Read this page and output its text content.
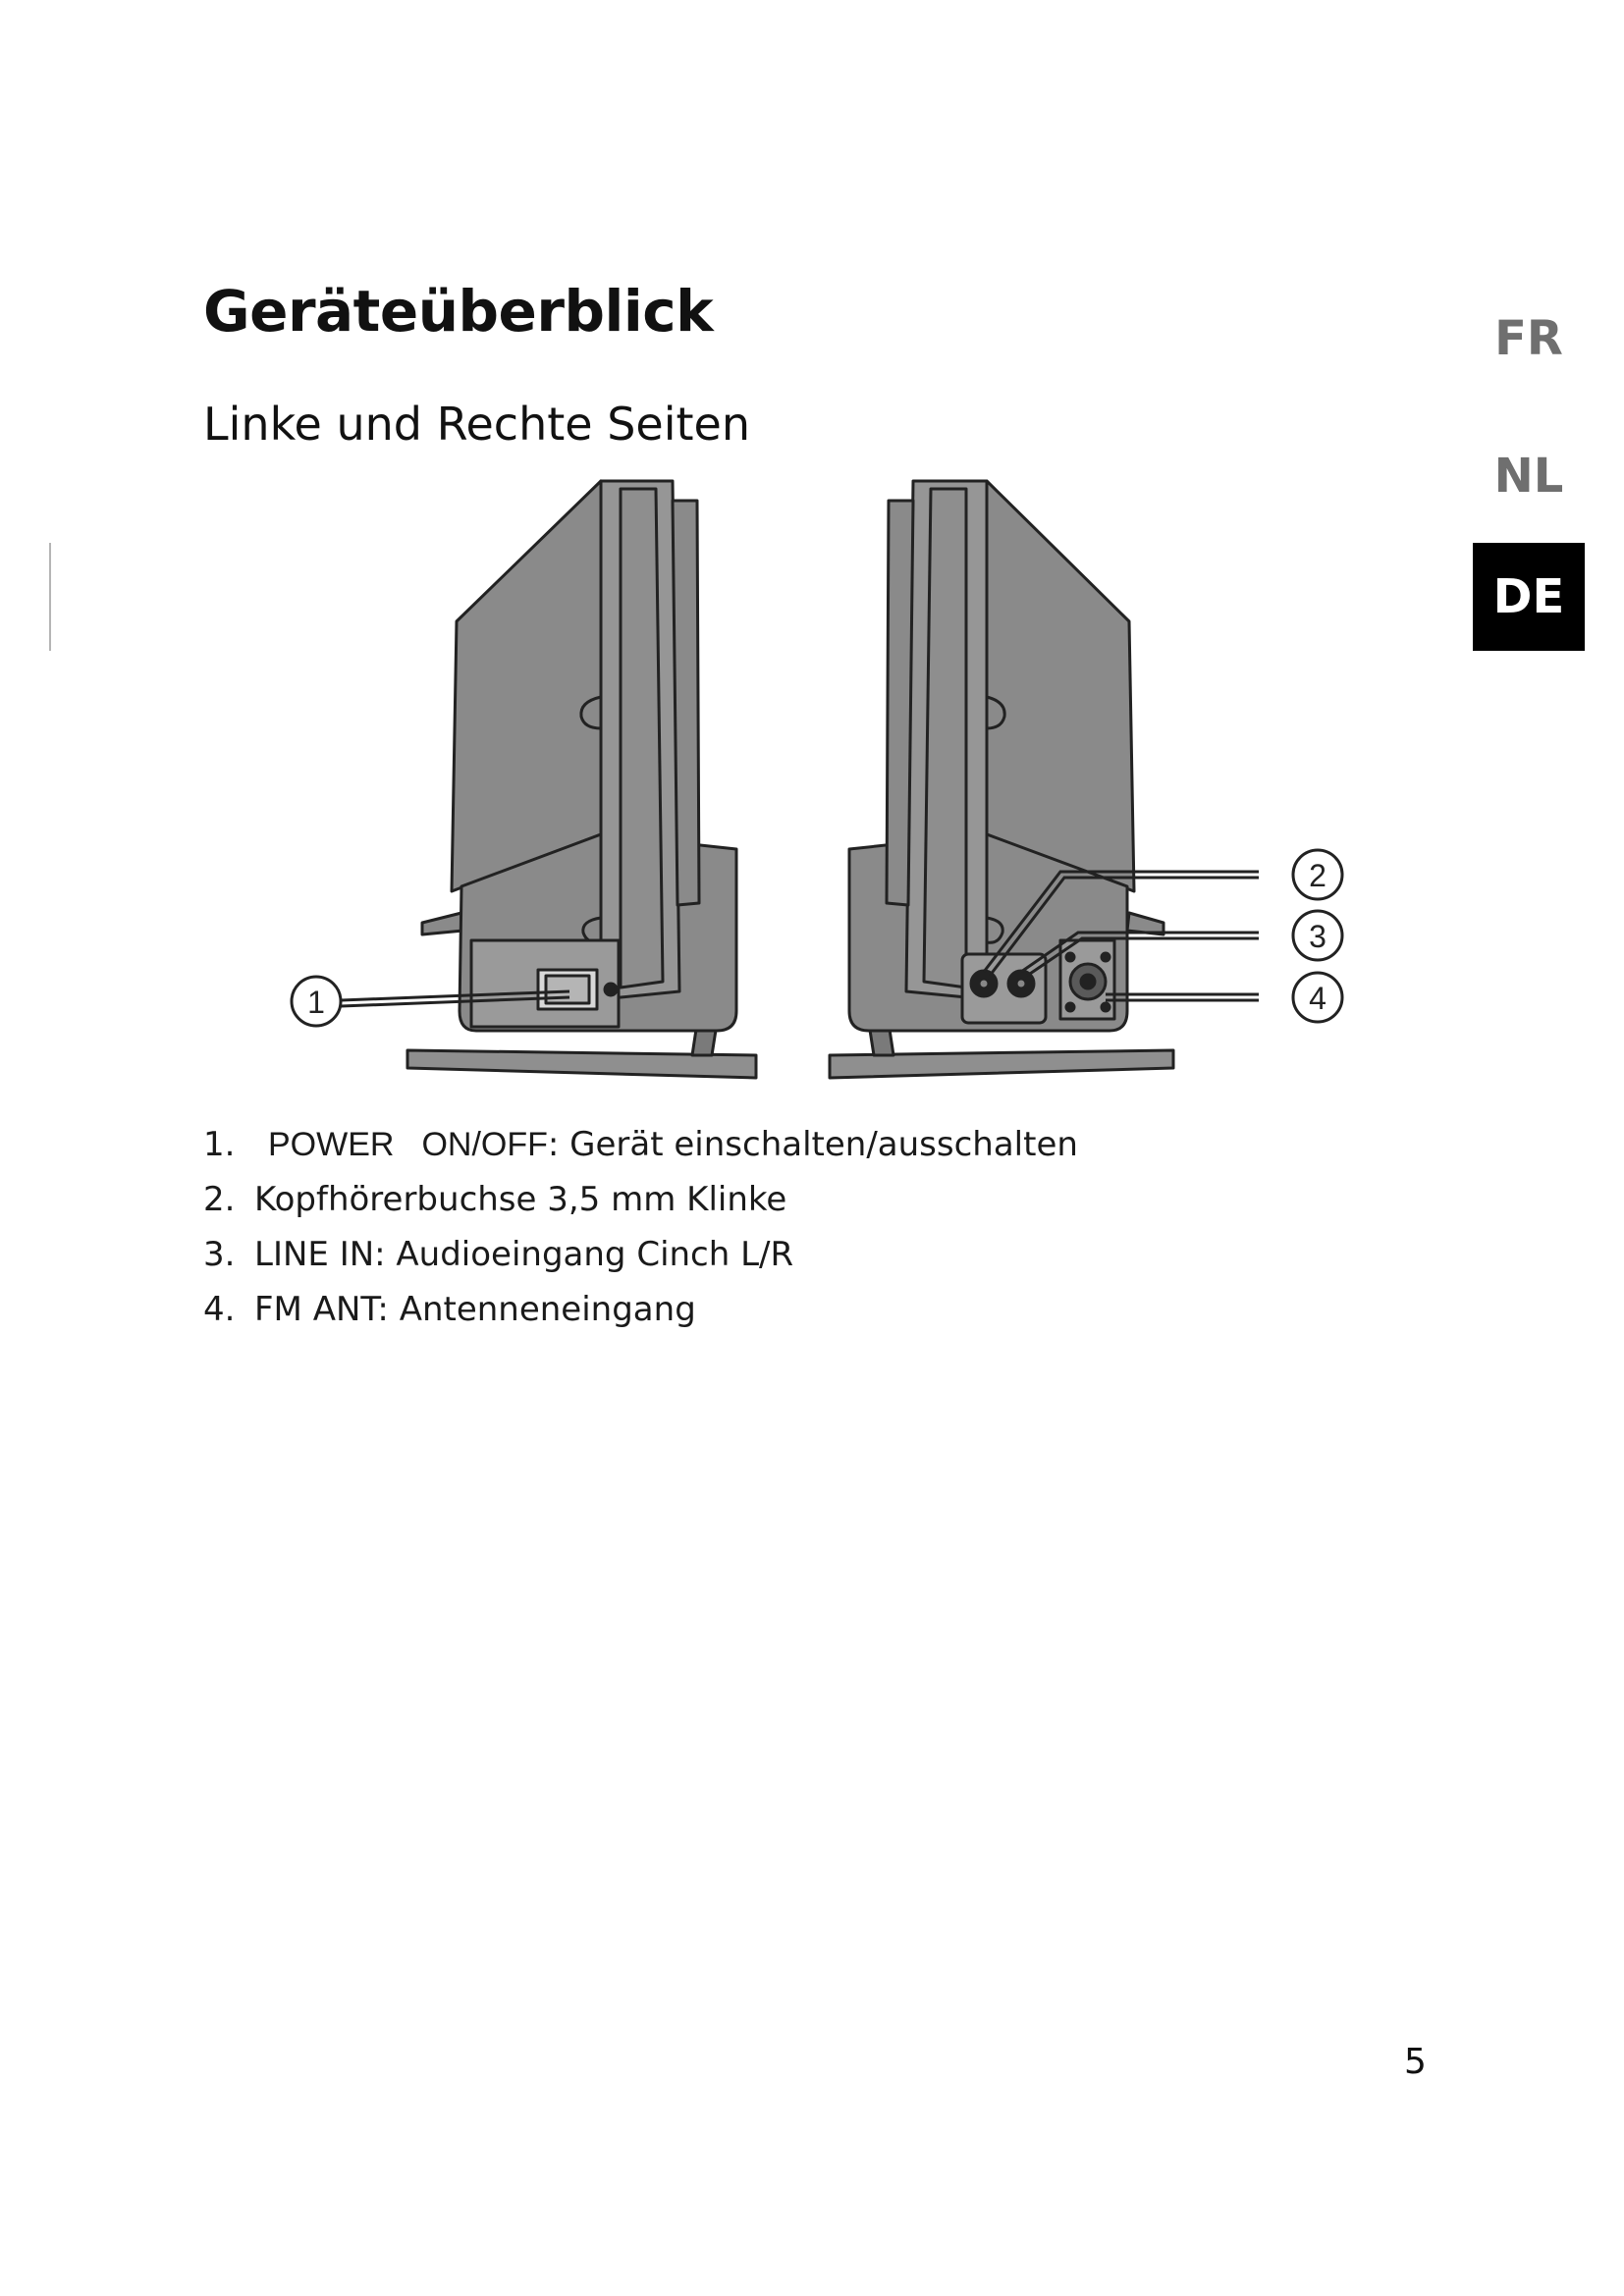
Geräteüberblick
Linke und Rechte Seiten
FR
NL
DE
1
2
3
4
1. POWER ON/OFF: Gerät einschalten/ausschalten
2. Kopfhörerbuchse 3,5 mm Klinke
3. LINE IN: Audioeingang Cinch L/R
4. FM ANT: Antenneneingang

5
